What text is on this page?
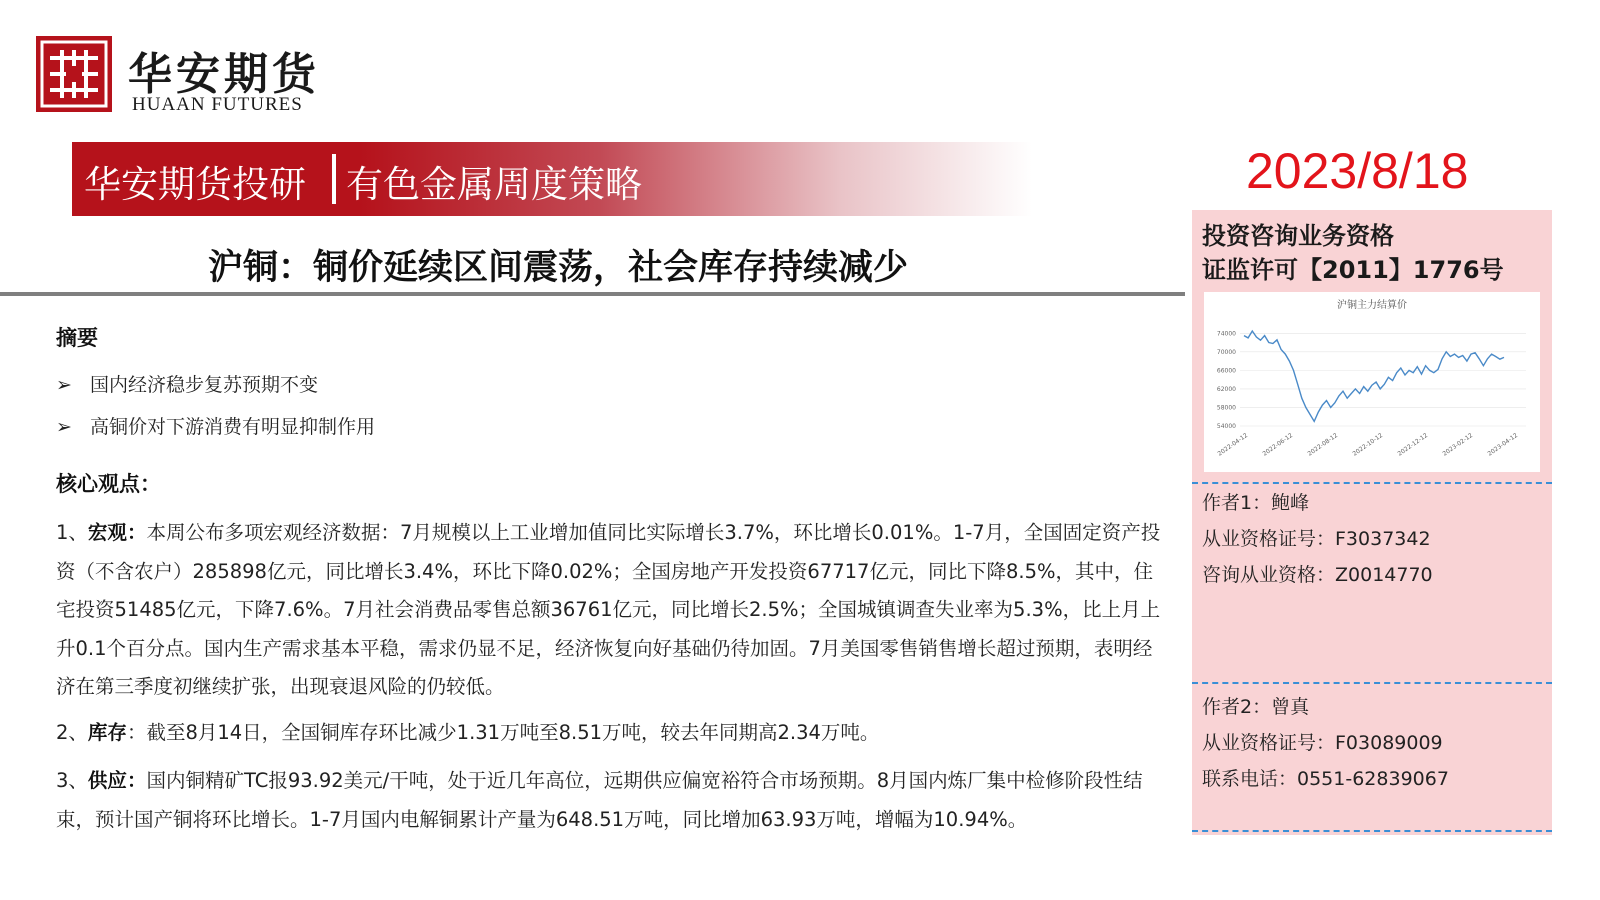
华安期货
HUAAN FUTURES
华安期货投研 有色金属周度策略	2023/8/18
沪铜：铜价延续区间震荡，社会库存持续减少
摘要
➢ 国内经济稳步复苏预期不变
➢ 高铜价对下游消费有明显抑制作用
核心观点：
1、宏观：本周公布多项宏观经济数据：7月规模以上工业增加值同比实际增长3.7%，环比增长0.01%。1-7月，全国固定资产投资（不含农户）285898亿元，同比增长3.4%，环比下降0.02%；全国房地产开发投资67717亿元，同比下降8.5%，其中，住宅投资51485亿元，下降7.6%。7月社会消费品零售总额36761亿元，同比增长2.5%；全国城镇调查失业率为5.3%，比上月上升0.1个百分点。国内生产需求基本平稳，需求仍显不足，经济恢复向好基础仍待加固。7月美国零售销售增长超过预期，表明经济在第三季度初继续扩张，出现衰退风险的仍较低。
2、库存：截至8月14日，全国铜库存环比减少1.31万吨至8.51万吨，较去年同期高2.34万吨。
3、供应：国内铜精矿TC报93.92美元/干吨，处于近几年高位，远期供应偏宽裕符合市场预期。8月国内炼厂集中检修阶段性结束，预计国产铜将环比增长。1-7月国内电解铜累计产量为648.51万吨，同比增加63.93万吨，增幅为10.94%。
投资咨询业务资格
证监许可【2011】1776号
沪铜主力结算价
74000
70000
66000
62000
58000
54000
2022-04-12 2022-06-12 2022-08-12 2022-10-12 2022-12-12 2023-02-12 2023-04-12
作者1：鲍峰
从业资格证号：F3037342
咨询从业资格：Z0014770
作者2：曾真
从业资格证号：F03089009
联系电话：0551-62839067
